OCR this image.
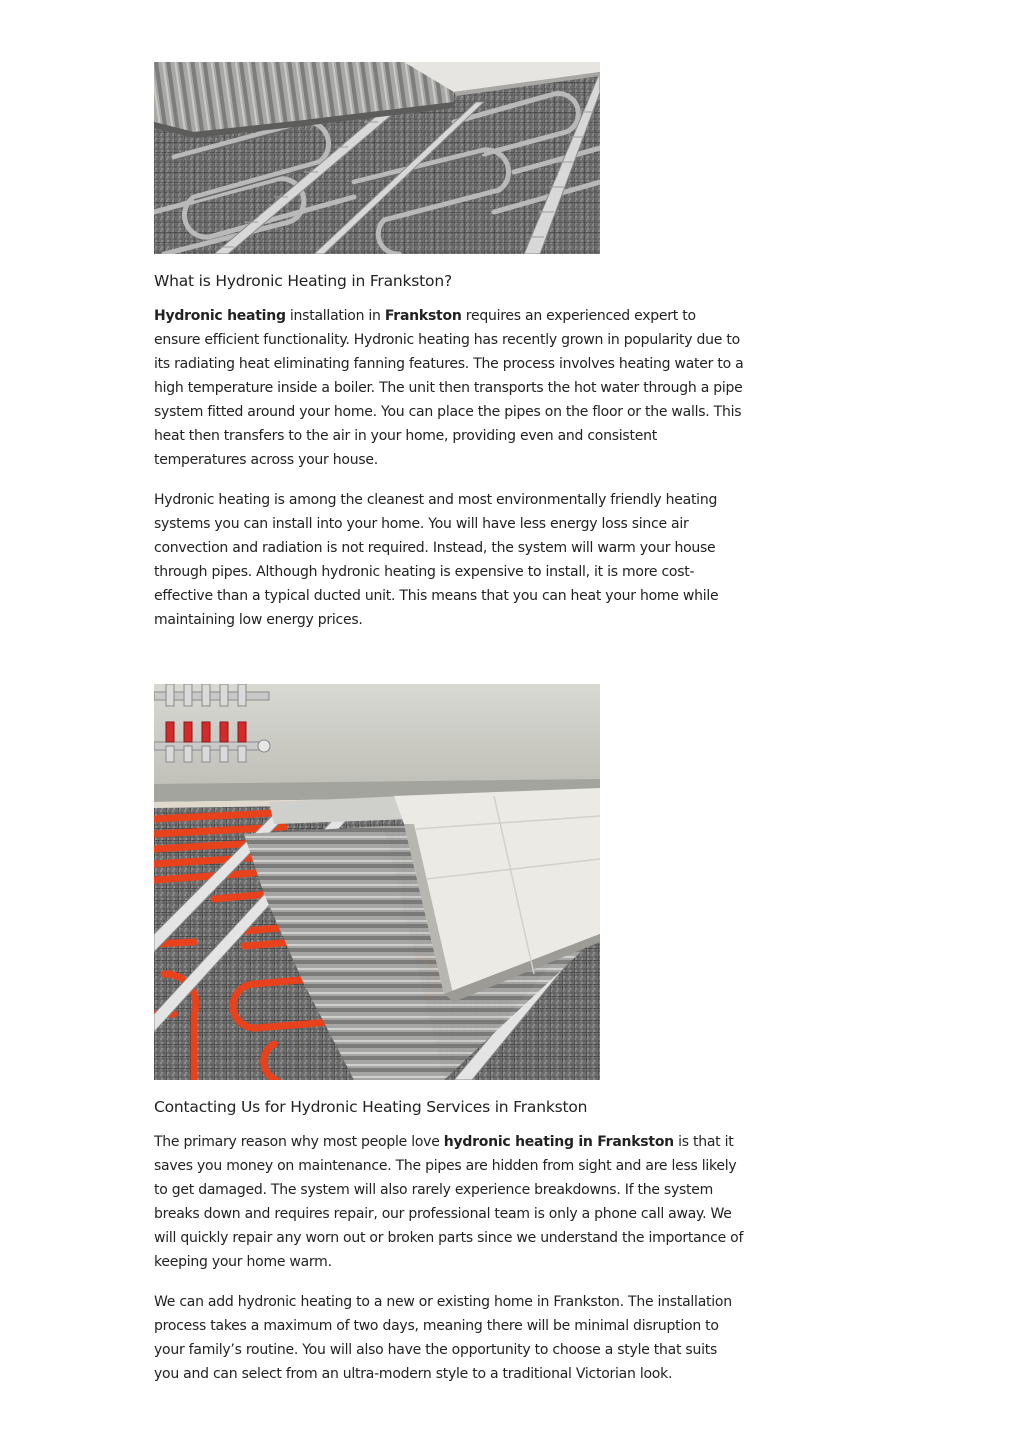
What is Hydronic Heating in Frankston?

Hydronic heating installation in Frankston requires an experienced expert to ensure efficient functionality. Hydronic heating has recently grown in popularity due to its radiating heat eliminating fanning features. The process involves heating water to a high temperature inside a boiler. The unit then transports the hot water through a pipe system fitted around your home. You can place the pipes on the floor or the walls. This heat then transfers to the air in your home, providing even and consistent temperatures across your house.

Hydronic heating is among the cleanest and most environmentally friendly heating systems you can install into your home. You will have less energy loss since air convection and radiation is not required. Instead, the system will warm your house through pipes. Although hydronic heating is expensive to install, it is more cost-effective than a typical ducted unit. This means that you can heat your home while maintaining low energy prices.

Contacting Us for Hydronic Heating Services in Frankston

The primary reason why most people love hydronic heating in Frankston is that it saves you money on maintenance. The pipes are hidden from sight and are less likely to get damaged. The system will also rarely experience breakdowns. If the system breaks down and requires repair, our professional team is only a phone call away. We will quickly repair any worn out or broken parts since we understand the importance of keeping your home warm.

We can add hydronic heating to a new or existing home in Frankston. The installation process takes a maximum of two days, meaning there will be minimal disruption to your family’s routine. You will also have the opportunity to choose a style that suits you and can select from an ultra-modern style to a traditional Victorian look.
